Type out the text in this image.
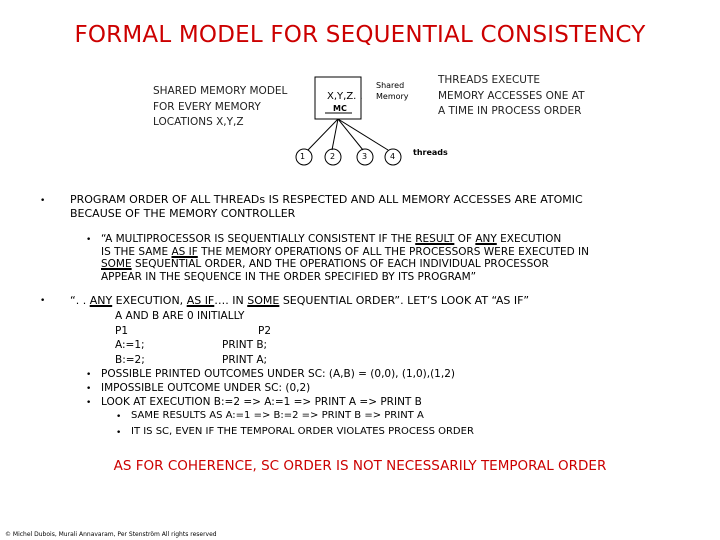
FORMAL MODEL FOR SEQUENTIAL CONSISTENCY
SHARED MEMORY MODEL
FOR EVERY MEMORY
LOCATIONS X,Y,Z
X,Y,Z. .
MC
Shared
Memory
1	2	3	4 threads
THREADS EXECUTE
MEMORY ACCESSES ONE AT
A TIME IN PROCESS ORDER
• PROGRAM ORDER OF ALL THREADs IS RESPECTED AND ALL MEMORY ACCESSES ARE ATOMIC
BECAUSE OF THE MEMORY CONTROLLER
• “A MULTIPROCESSOR IS SEQUENTIALLY CONSISTENT IF THE RESULT OF ANY EXECUTION
IS THE SAME AS IF THE MEMORY OPERATIONS OF ALL THE PROCESSORS WERE EXECUTED IN
SOME SEQUENTIAL ORDER, AND THE OPERATIONS OF EACH INDIVIDUAL PROCESSOR
APPEAR IN THE SEQUENCE IN THE ORDER SPECIFIED BY ITS PROGRAM”
• “. . ANY EXECUTION, AS IF…. IN SOME SEQUENTIAL ORDER”. LET’S LOOK AT “AS IF”
A AND B ARE 0 INITIALLY
P1	P2
A:=1;	PRINT B;
B:=2;	PRINT A;
• POSSIBLE PRINTED OUTCOMES UNDER SC: (A,B) = (0,0), (1,0),(1,2)
• IMPOSSIBLE OUTCOME UNDER SC: (0,2)
• LOOK AT EXECUTION B:=2 => A:=1 => PRINT A => PRINT B
• SAME RESULTS AS A:=1 => B:=2 => PRINT B => PRINT A
• IT IS SC, EVEN IF THE TEMPORAL ORDER VIOLATES PROCESS ORDER
AS FOR COHERENCE, SC ORDER IS NOT NECESSARILY TEMPORAL ORDER
© Michel Dubois, Murali Annavaram, Per Stenström All rights reserved
